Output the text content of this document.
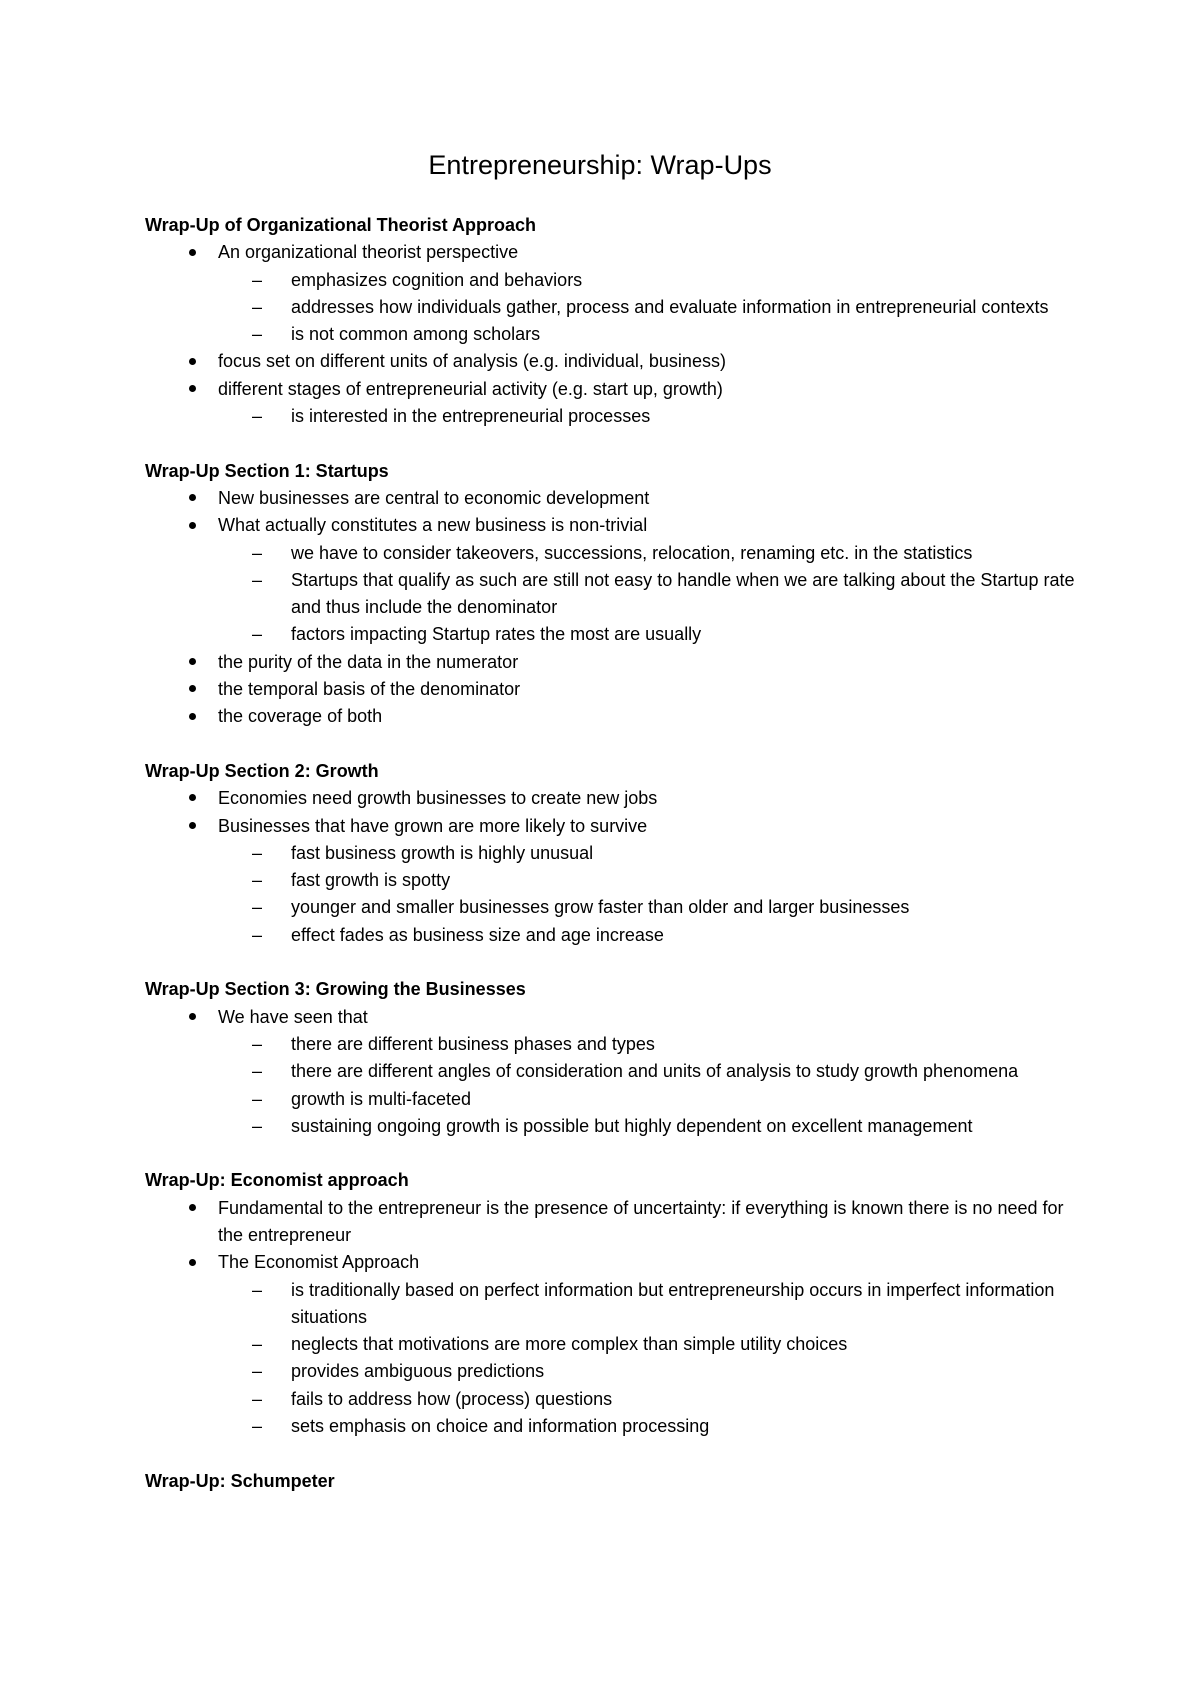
Entrepreneurship: Wrap-Ups

Wrap-Up of Organizational Theorist Approach

An organizational theorist perspective
– emphasizes cognition and behaviors
– addresses how individuals gather, process and evaluate information in entrepreneurial contexts
– is not common among scholars
focus set on different units of analysis (e.g. individual, business)
different stages of entrepreneurial activity (e.g. start up, growth)
– is interested in the entrepreneurial processes

Wrap-Up Section 1: Startups

New businesses are central to economic development
What actually constitutes a new business is non-trivial
– we have to consider takeovers, successions, relocation, renaming etc. in the statistics
– Startups that qualify as such are still not easy to handle when we are talking about the Startup rate and thus include the denominator
– factors impacting Startup rates the most are usually
the purity of the data in the numerator
the temporal basis of the denominator
the coverage of both

Wrap-Up Section 2: Growth

Economies need growth businesses to create new jobs
Businesses that have grown are more likely to survive
– fast business growth is highly unusual
– fast growth is spotty
– younger and smaller businesses grow faster than older and larger businesses
– effect fades as business size and age increase

Wrap-Up Section 3: Growing the Businesses

We have seen that
– there are different business phases and types
– there are different angles of consideration and units of analysis to study growth phenomena
– growth is multi-faceted
– sustaining ongoing growth is possible but highly dependent on excellent management

Wrap-Up: Economist approach

Fundamental to the entrepreneur is the presence of uncertainty: if everything is known there is no need for the entrepreneur
The Economist Approach
– is traditionally based on perfect information but entrepreneurship occurs in imperfect information situations
– neglects that motivations are more complex than simple utility choices
– provides ambiguous predictions
– fails to address how (process) questions
– sets emphasis on choice and information processing

Wrap-Up: Schumpeter
